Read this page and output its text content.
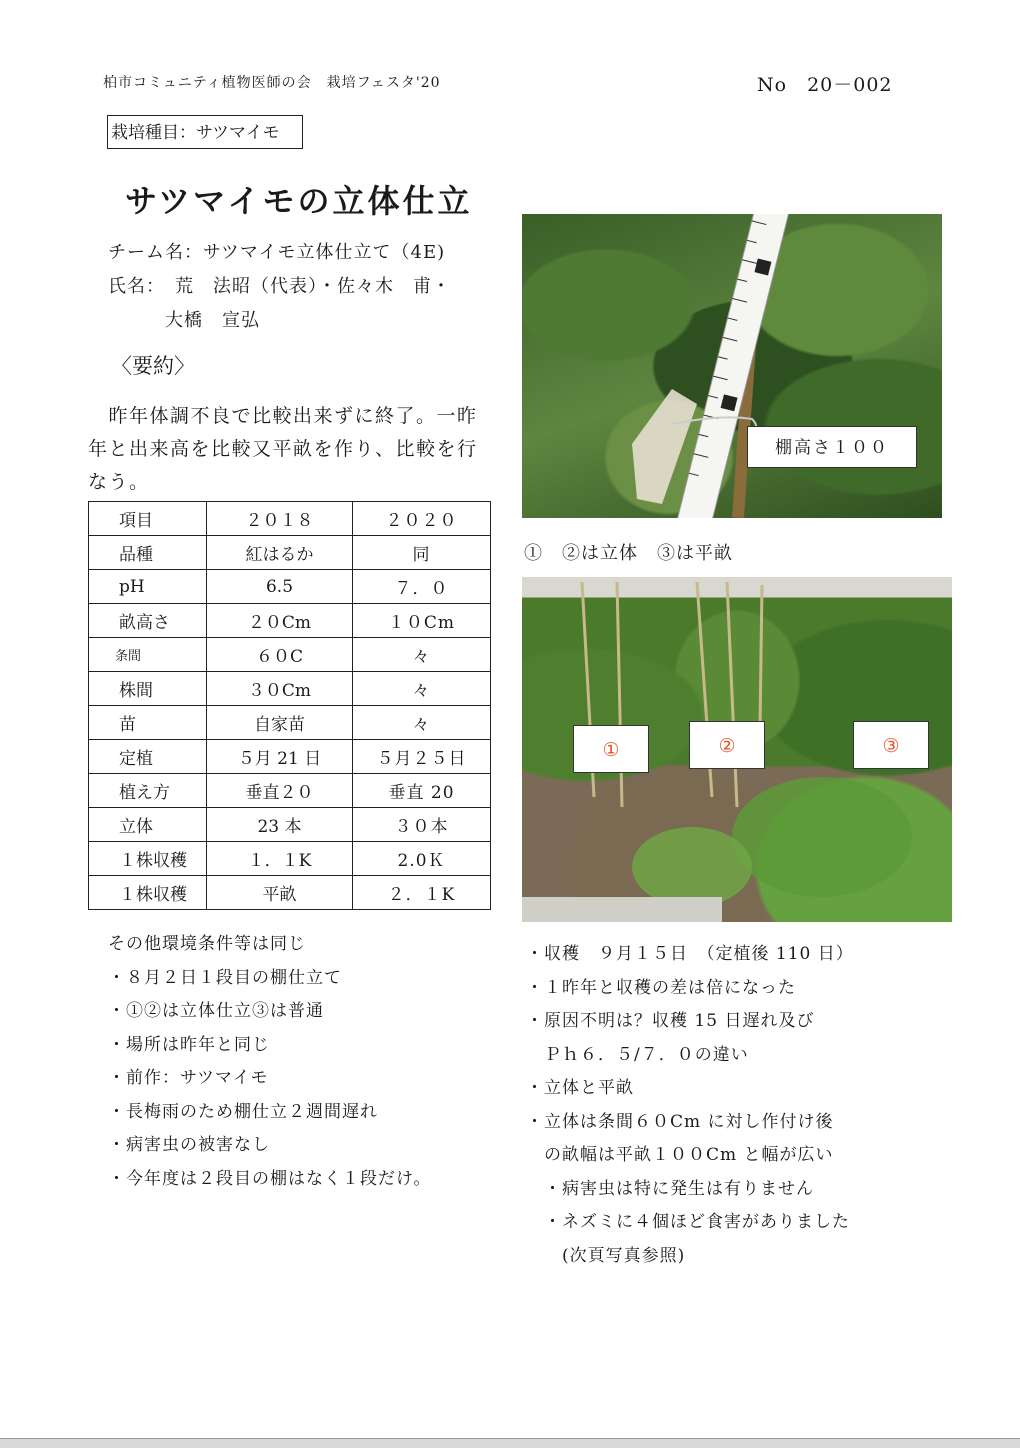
柏市コミュニティ植物医師の会　栽培フェスタ'20	No　20－002
栽培種目：サツマイモ
サツマイモの立体仕立
チーム名：サツマイモ立体仕立て（4E)
氏名：　荒　法昭（代表）・佐々木　甫・
大橋　宣弘
〈要約〉
　昨年体調不良で比較出来ずに終了。一昨
年と出来高を比較又平畝を作り、比較を行
なう。
項目	２０１８	２０２０
品種	紅はるか	同
pH	6.5	７．０
畝高さ	２０Cm	１０Cm
条間	６０C	々
株間	３０Cm	々
苗	自家苗	々
定植	５月 21 日	５月２５日
植え方	垂直２０	垂直 20
立体	23 本	３０本
１株収穫	１．１K	2.0Ｋ
１株収穫	平畝	２．１K
その他環境条件等は同じ
・８月２日１段目の棚仕立て
・①②は立体仕立③は普通
・場所は昨年と同じ
・前作：サツマイモ
・長梅雨のため棚仕立２週間遅れ
・病害虫の被害なし
・今年度は２段目の棚はなく１段だけ。
棚高さ１００
①　②は立体　③は平畝
①	②	③
・収穫　９月１５日　（定植後 110 日）
・１昨年と収穫の差は倍になった
・原因不明は？収穫 15 日遅れ及び
　Ｐｈ６．５/７．０の違い
・立体と平畝
・立体は条間６０Cm に対し作付け後
　の畝幅は平畝１００Cm と幅が広い
　・病害虫は特に発生は有りません
　・ネズミに４個ほど食害がありました
　　(次頁写真参照)
